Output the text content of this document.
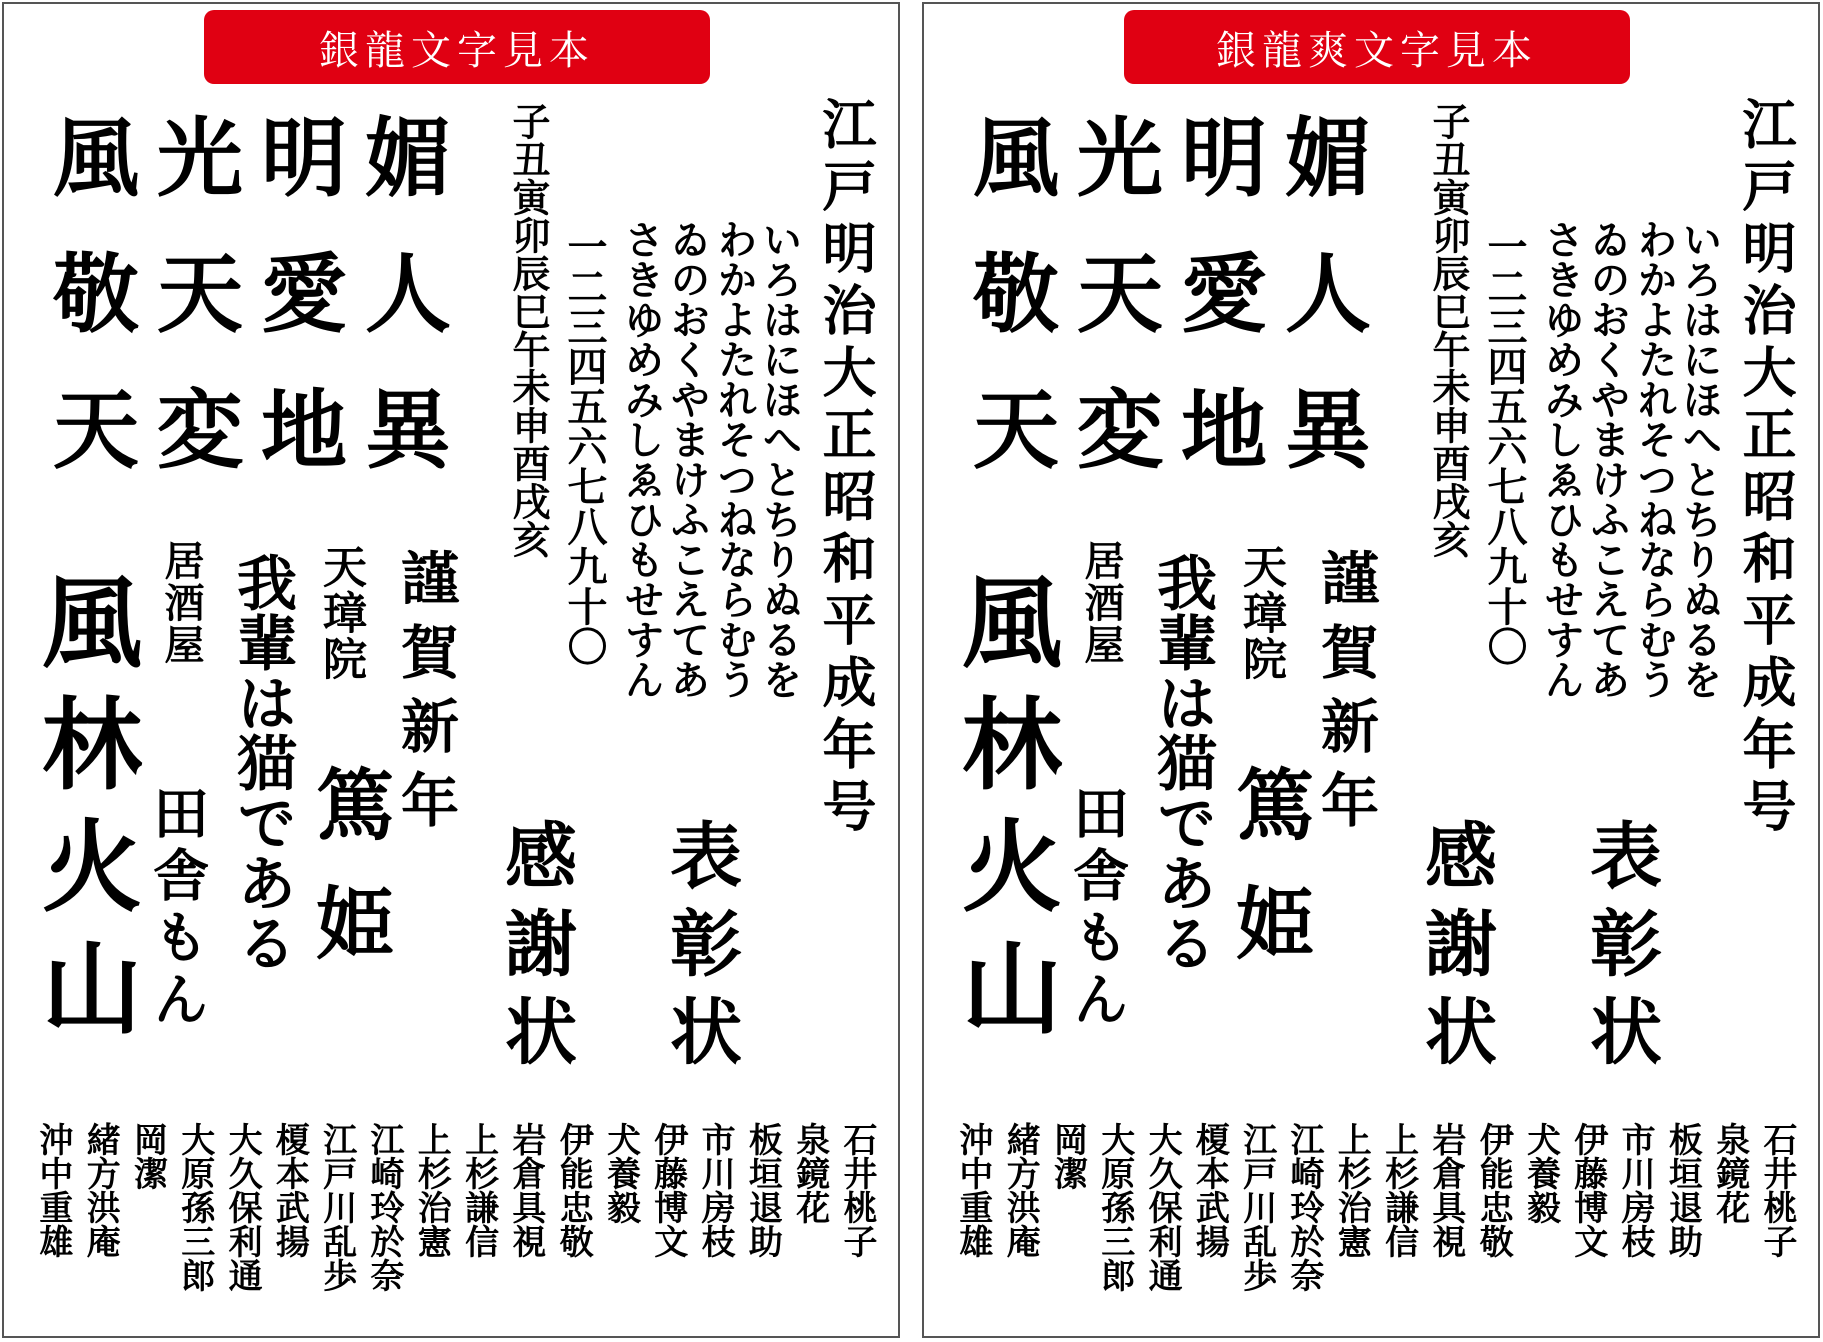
銀龍文字見本
風 光 明 媚
敬 天 愛 人
天 変 地 異	江戸明治大正昭和平成年号
子丑寅卯辰巳午未申酉戌亥	いろはにほへとちりぬるを
わかよたれそつねならむう
ゐのおくやまけふこえてあ
さきゆめみしゑひもせすん
一二三四五六七八九十〇
謹賀新年
天璋院
篤姫
居酒屋 我輩は猫である
田舎もん
風林火山	表彰状
感謝状
石井桃子
泉鏡花
板垣退助
市川房枝
伊藤博文
犬養毅
伊能忠敬
岩倉具視
上杉謙信
上杉治憲
江崎玲於奈
江戸川乱歩
榎本武揚
大久保利通
大原孫三郎
岡潔
緒方洪庵
沖中重雄
銀龍爽文字見本
風 光 明 媚
敬 天 愛 人
天 変 地 異	江戸明治大正昭和平成年号
子丑寅卯辰巳午未申酉戌亥	いろはにほへとちりぬるを
わかよたれそつねならむう
ゐのおくやまけふこえてあ
さきゆめみしゑひもせすん
一二三四五六七八九十〇
謹賀新年
天璋院
篤姫
居酒屋 我輩は猫である
田舎もん
風林火山	表彰状
感謝状
石井桃子
泉鏡花
板垣退助
市川房枝
伊藤博文
犬養毅
伊能忠敬
岩倉具視
上杉謙信
上杉治憲
江崎玲於奈
江戸川乱歩
榎本武揚
大久保利通
大原孫三郎
岡潔
緒方洪庵
沖中重雄
